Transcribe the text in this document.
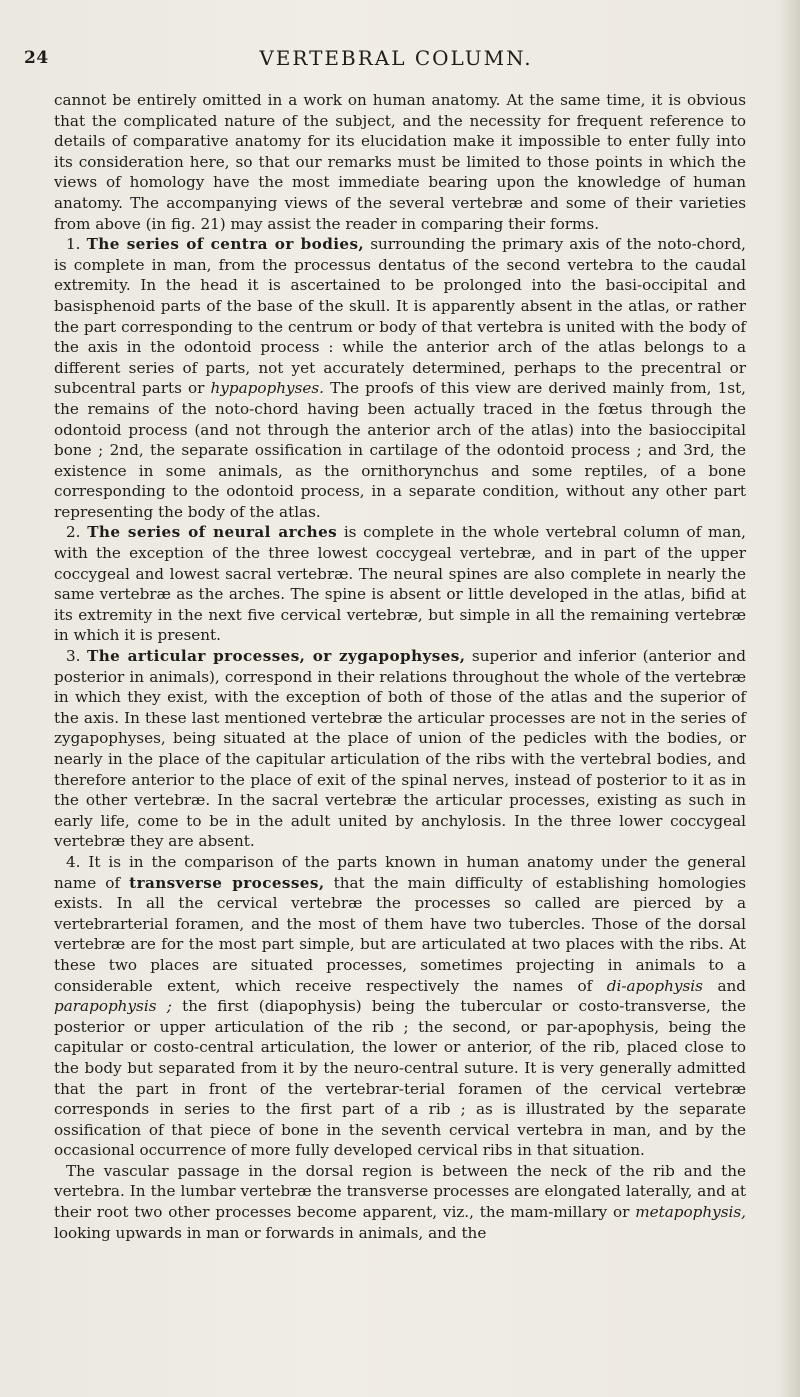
24	VERTEBRAL COLUMN.

cannot be entirely omitted in a work on human anatomy. At the same time, it is obvious that the complicated nature of the subject, and the necessity for frequent reference to details of comparative anatomy for its elucidation make it impossible to enter fully into its consideration here, so that our remarks must be limited to those points in which the views of homology have the most immediate bearing upon the knowledge of human anatomy. The accompanying views of the several vertebræ and some of their varieties from above (in fig. 21) may assist the reader in comparing their forms.

1. The series of centra or bodies, surrounding the primary axis of the noto-chord, is complete in man, from the processus dentatus of the second vertebra to the caudal extremity. In the head it is ascertained to be prolonged into the basi-occipital and basisphenoid parts of the base of the skull. It is apparently absent in the atlas, or rather the part corresponding to the centrum or body of that vertebra is united with the body of the axis in the odontoid process : while the anterior arch of the atlas belongs to a different series of parts, not yet accurately determined, perhaps to the precentral or subcentral parts or hypapophyses. The proofs of this view are derived mainly from, 1st, the remains of the noto-chord having been actually traced in the fœtus through the odontoid process (and not through the anterior arch of the atlas) into the basioccipital bone ; 2nd, the separate ossification in cartilage of the odontoid process ; and 3rd, the existence in some animals, as the ornithorynchus and some reptiles, of a bone corresponding to the odontoid process, in a separate condition, without any other part representing the body of the atlas.

2. The series of neural arches is complete in the whole vertebral column of man, with the exception of the three lowest coccygeal vertebræ, and in part of the upper coccygeal and lowest sacral vertebræ. The neural spines are also complete in nearly the same vertebræ as the arches. The spine is absent or little developed in the atlas, bifid at its extremity in the next five cervical vertebræ, but simple in all the remaining vertebræ in which it is present.

3. The articular processes, or zygapophyses, superior and inferior (anterior and posterior in animals), correspond in their relations throughout the whole of the vertebræ in which they exist, with the exception of both of those of the atlas and the superior of the axis. In these last mentioned vertebræ the articular processes are not in the series of zygapophyses, being situated at the place of union of the pedicles with the bodies, or nearly in the place of the capitular articulation of the ribs with the vertebral bodies, and therefore anterior to the place of exit of the spinal nerves, instead of posterior to it as in the other vertebræ. In the sacral vertebræ the articular processes, existing as such in early life, come to be in the adult united by anchylosis. In the three lower coccygeal vertebræ they are absent.

4. It is in the comparison of the parts known in human anatomy under the general name of transverse processes, that the main difficulty of establishing homologies exists. In all the cervical vertebræ the processes so called are pierced by a vertebrarterial foramen, and the most of them have two tubercles. Those of the dorsal vertebræ are for the most part simple, but are articulated at two places with the ribs. At these two places are situated processes, sometimes projecting in animals to a considerable extent, which receive respectively the names of di-apophysis and parapophysis ; the first (diapophysis) being the tubercular or costo-transverse, the posterior or upper articulation of the rib ; the second, or par-apophysis, being the capitular or costo-central articulation, the lower or anterior, of the rib, placed close to the body but separated from it by the neuro-central suture. It is very generally admitted that the part in front of the vertebrar-terial foramen of the cervical vertebræ corresponds in series to the first part of a rib ; as is illustrated by the separate ossification of that piece of bone in the seventh cervical vertebra in man, and by the occasional occurrence of more fully developed cervical ribs in that situation.

The vascular passage in the dorsal region is between the neck of the rib and the vertebra. In the lumbar vertebræ the transverse processes are elongated laterally, and at their root two other processes become apparent, viz., the mam-millary or metapophysis, looking upwards in man or forwards in animals, and the
